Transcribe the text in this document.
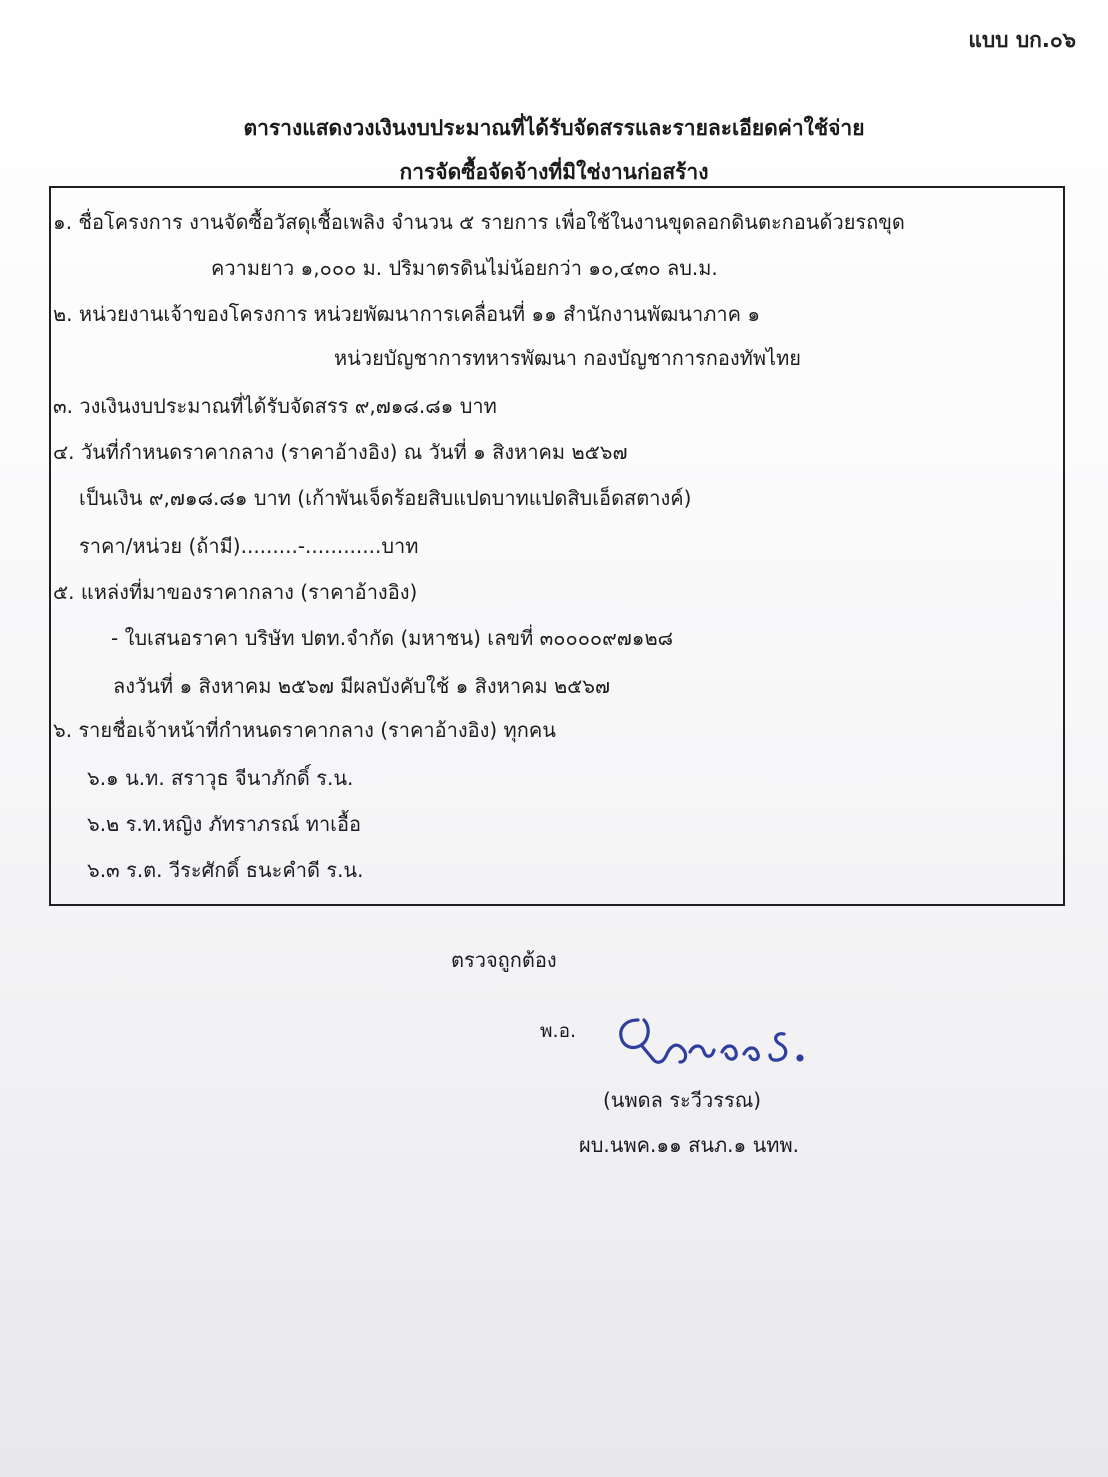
แบบ บก.๐๖
ตารางแสดงวงเงินงบประมาณที่ได้รับจัดสรรและรายละเอียดค่าใช้จ่าย
การจัดซื้อจัดจ้างที่มิใช่งานก่อสร้าง
๑. ชื่อโครงการ งานจัดซื้อวัสดุเชื้อเพลิง จำนวน ๕ รายการ เพื่อใช้ในงานขุดลอกดินตะกอนด้วยรถขุด
ความยาว ๑,๐๐๐ ม. ปริมาตรดินไม่น้อยกว่า ๑๐,๔๓๐ ลบ.ม.
๒. หน่วยงานเจ้าของโครงการ หน่วยพัฒนาการเคลื่อนที่ ๑๑ สำนักงานพัฒนาภาค ๑
หน่วยบัญชาการทหารพัฒนา กองบัญชาการกองทัพไทย
๓. วงเงินงบประมาณที่ได้รับจัดสรร ๙,๗๑๘.๘๑ บาท
๔. วันที่กำหนดราคากลาง (ราคาอ้างอิง) ณ วันที่ ๑ สิงหาคม ๒๕๖๗
เป็นเงิน ๙,๗๑๘.๘๑ บาท (เก้าพันเจ็ดร้อยสิบแปดบาทแปดสิบเอ็ดสตางค์)
ราคา/หน่วย (ถ้ามี).........-............บาท
๕. แหล่งที่มาของราคากลาง (ราคาอ้างอิง)
- ใบเสนอราคา บริษัท ปตท.จำกัด (มหาชน) เลขที่ ๓๐๐๐๐๙๗๑๒๘
ลงวันที่ ๑ สิงหาคม ๒๕๖๗ มีผลบังคับใช้ ๑ สิงหาคม ๒๕๖๗
๖. รายชื่อเจ้าหน้าที่กำหนดราคากลาง (ราคาอ้างอิง) ทุกคน
๖.๑ น.ท. สราวุธ จีนาภักดิ์ ร.น.
๖.๒ ร.ท.หญิง ภัทราภรณ์ ทาเอื้อ
๖.๓ ร.ต. วีระศักดิ์ ธนะคำดี ร.น.
ตรวจถูกต้อง
พ.อ.
(นพดล ระวีวรรณ)
ผบ.นพค.๑๑ สนภ.๑ นทพ.
